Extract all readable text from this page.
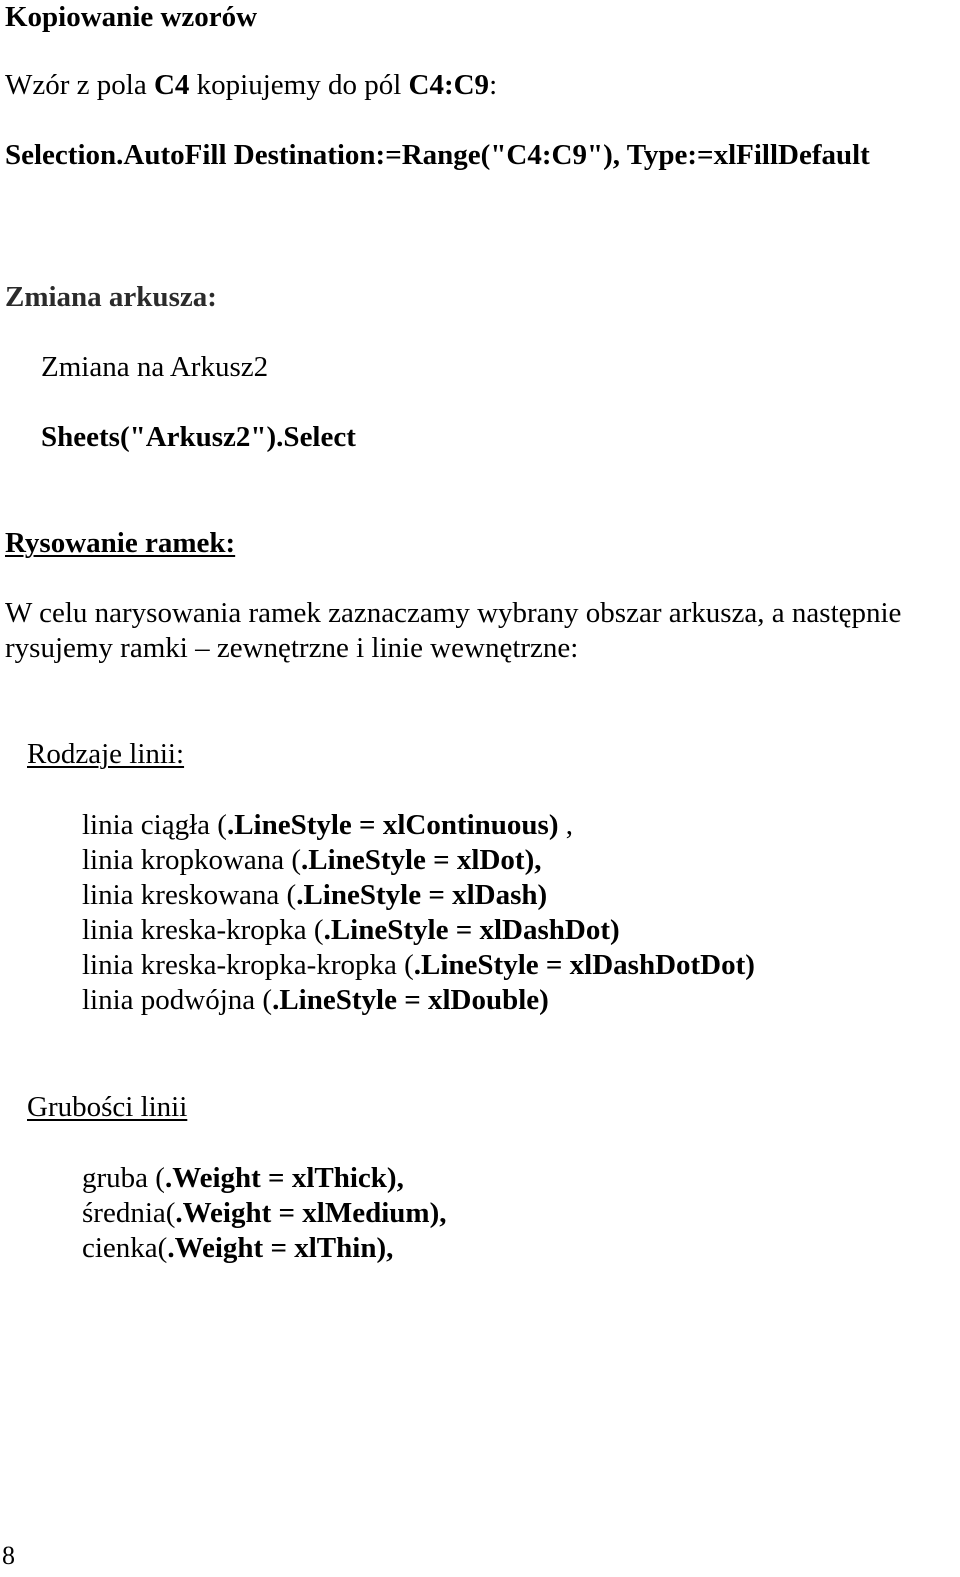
Kopiowanie wzorów
Wzór z pola C4 kopiujemy do pól C4:C9:
Selection.AutoFill Destination:=Range("C4:C9"), Type:=xlFillDefault
Zmiana arkusza:
Zmiana na Arkusz2
Sheets("Arkusz2").Select
Rysowanie ramek:
W celu narysowania ramek zaznaczamy wybrany obszar arkusza, a następnie
rysujemy ramki – zewnętrzne i linie wewnętrzne:
Rodzaje linii:
linia ciągła (.LineStyle = xlContinuous) ,
linia kropkowana (.LineStyle = xlDot),
linia kreskowana (.LineStyle = xlDash)
linia kreska-kropka (.LineStyle = xlDashDot)
linia kreska-kropka-kropka (.LineStyle = xlDashDotDot)
linia podwójna (.LineStyle = xlDouble)
Grubości linii
gruba (.Weight = xlThick),
średnia(.Weight = xlMedium),
cienka(.Weight = xlThin),
8
